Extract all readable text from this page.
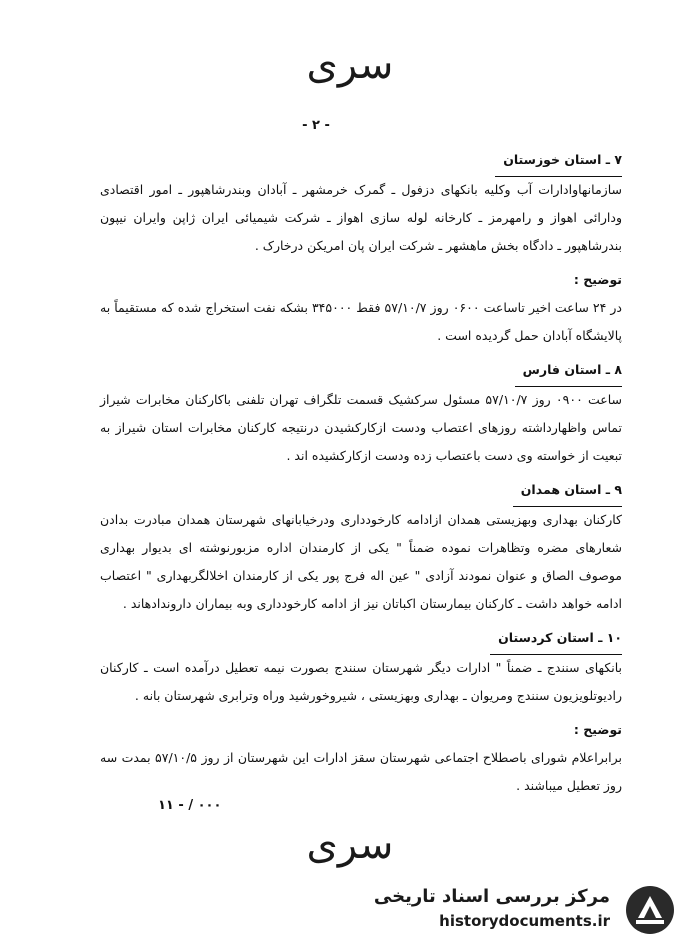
سری
- ۲ -
۷ ـ استان خوزستان

سازمانهاوادارات آب وکلیه بانکهای دزفول ـ گمرک خرمشهر ـ آبادان وبندرشاهپور ـ امور اقتصادی ودارائی اهواز و رامهرمز ـ کارخانه لوله سازی اهواز ـ شرکت شیمیائی ایران ژاپن وایران نیپون بندرشاهپور ـ دادگاه بخش ماهشهر ـ شرکت ایران پان امریکن درخارک .

توضیح :

در ۲۴ ساعت اخیر تاساعت ۰۶۰۰ روز ۵۷/۱۰/۷ فقط ۳۴۵۰۰۰ بشکه نفت استخراج شده که مستقیماً به پالایشگاه آبادان حمل گردیده است .

۸ ـ استان فارس

ساعت ۰۹۰۰ روز ۵۷/۱۰/۷ مسئول سرکشیک قسمت تلگراف تهران تلفنی باکارکنان مخابرات شیراز تماس واظهارداشته روزهای اعتصاب ودست ازکارکشیدن درنتیجه کارکنان مخابرات استان شیراز به تبعیت از خواسته وی دست باعتصاب زده ودست ازکارکشیده اند .

۹ ـ استان همدان

کارکنان بهداری وبهزیستی همدان ازادامه کارخودداری ودرخیابانهای شهرستان همدان مبادرت بدادن شعارهای مضره وتظاهرات نموده ضمناً " یکی از کارمندان اداره مزبورنوشته ای بدیوار بهداری موصوف الصاق و عنوان نمودند آزادی " عین اله فرج پور یکی از کارمندان اخلالگربهداری " اعتصاب ادامه خواهد داشت ـ کارکنان بیمارستان اکباتان نیز از ادامه کارخودداری وبه بیماران داروندادهاند .

۱۰ ـ استان کردستان

بانکهای سنندج ـ ضمناً " ادارات دیگر شهرستان سنندج بصورت نیمه تعطیل درآمده است ـ کارکنان رادیوتلویزیون سنندج ومریوان ـ بهداری وبهزیستی ، شیروخورشید وراه وترابری شهرستان بانه .

توضیح :

برابراعلام شورای باصطلاح اجتماعی شهرستان سقز ادارات این شهرستان از روز ۵۷/۱۰/۵ بمدت سه روز تعطیل میباشند .

۱۱ - / ۰۰۰
سری
مرکز بررسی اسناد تاریخی
historydocuments.ir
